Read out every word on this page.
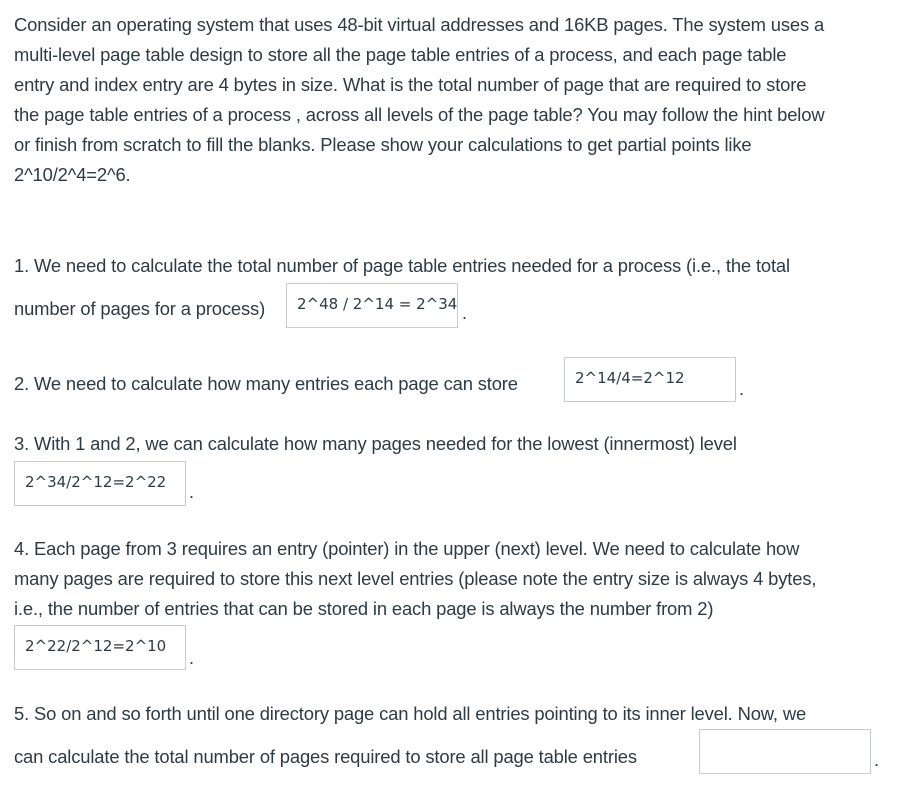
Consider an operating system that uses 48-bit virtual addresses and 16KB pages. The system uses a
multi-level page table design to store all the page table entries of a process, and each page table
entry and index entry are 4 bytes in size. What is the total number of page that are required to store
the page table entries of a process , across all levels of the page table? You may follow the hint below
or finish from scratch to fill the blanks. Please show your calculations to get partial points like
2^10/2^4=2^6.
1. We need to calculate the total number of page table entries needed for a process (i.e., the total
number of pages for a process) 2^48 / 2^14 = 2^34 .
2. We need to calculate how many entries each page can store	2^14/4=2^12
.
3. With 1 and 2, we can calculate how many pages needed for the lowest (innermost) level
2^34/2^12=2^22 .
4. Each page from 3 requires an entry (pointer) in the upper (next) level. We need to calculate how
many pages are required to store this next level entries (please note the entry size is always 4 bytes,
i.e., the number of entries that can be stored in each page is always the number from 2)
2^22/2^12=2^10
.
5. So on and so forth until one directory page can hold all entries pointing to its inner level. Now, we
can calculate the total number of pages required to store all page table entries	.
